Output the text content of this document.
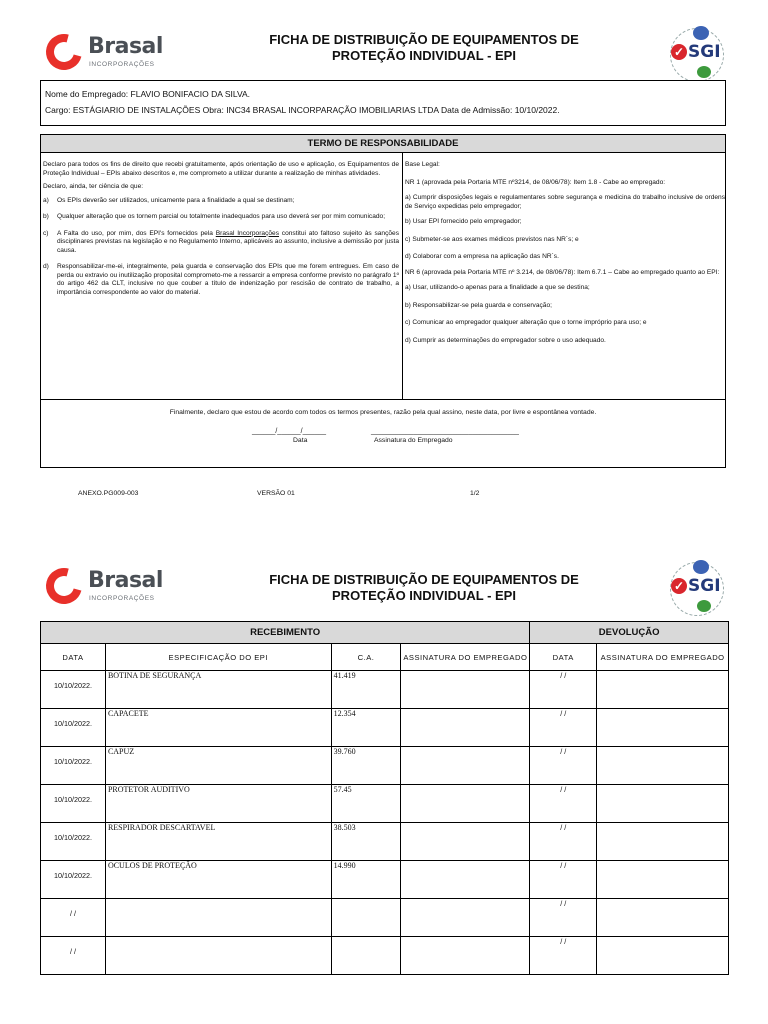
Brasal
INCORPORAÇÕES
FICHA DE DISTRIBUIÇÃO DE EQUIPAMENTOS DE
PROTEÇÃO INDIVIDUAL - EPI	✓ SGI
Nome do Empregado: FLAVIO BONIFACIO DA SILVA.
Cargo: ESTÁGIARIO DE INSTALAÇÕES Obra: INC34 BRASAL INCORPARAÇÃO IMOBILIARIAS LTDA Data de Admissão: 10/10/2022.
TERMO DE RESPONSABILIDADE

Declaro para todos os fins de direito que recebi gratuitamente, após orientação de uso e aplicação, os Equipamentos de Proteção Individual – EPIs abaixo descritos e, me comprometo a utilizar durante a realização de minhas atividades.

Declaro, ainda, ter ciência de que:

a)	Os EPIs deverão ser utilizados, unicamente para a finalidade a qual se destinam;
b)	Qualquer alteração que os tornem parcial ou totalmente inadequados para uso deverá ser por mim comunicado;
c)	A Falta do uso, por mim, dos EPI's fornecidos pela Brasal Incorporações constitui ato faltoso sujeito às sanções disciplinares previstas na legislação e no Regulamento Interno, aplicáveis ao assunto, inclusive a demissão por justa causa.
d)	Responsabilizar-me-ei, integralmente, pela guarda e conservação dos EPIs que me forem entregues. Em caso de perda ou extravio ou inutilização proposital comprometo-me a ressarcir a empresa conforme previsto no parágrafo 1º do artigo 462 da CLT, inclusive no que couber a título de indenização por rescisão de contrato de trabalho, a importância correspondente ao valor do material.

Base Legal:

NR 1 (aprovada pela Portaria MTE nº3214, de 08/06/78): Item 1.8 - Cabe ao empregado:

a) Cumprir disposições legais e regulamentares sobre segurança e medicina do trabalho inclusive de ordens de Serviço expedidas pelo empregador;

b) Usar EPI fornecido pelo empregador;

c) Submeter-se aos exames médicos previstos nas NR´s; e

d) Colaborar com a empresa na aplicação das NR´s.

NR 6 (aprovada pela Portaria MTE nº 3.214, de 08/06/78): Item 6.7.1 – Cabe ao empregado quanto ao EPI:

a) Usar, utilizando-o apenas para a finalidade a que se destina;

b) Responsabilizar-se pela guarda e conservação;

c) Comunicar ao empregador qualquer alteração que o torne impróprio para uso; e

d) Cumprir as determinações do empregador sobre o uso adequado.

Finalmente, declaro que estou de acordo com todos os termos presentes, razão pela qual assino, neste data, por livre e espontânea vontade.
______/______/______	______________________________________
Data	Assinatura do Empregado
ANEXO.PG009-003	VERSÃO 01	1/2
Brasal
INCORPORAÇÕES
FICHA DE DISTRIBUIÇÃO DE EQUIPAMENTOS DE
PROTEÇÃO INDIVIDUAL - EPI
✓ SGI
RECEBIMENTO				DEVOLUÇÃO	
DATA	ESPECIFICAÇÃO DO EPI	C.A.	ASSINATURA DO EMPREGADO	DATA	ASSINATURA DO EMPREGADO
10/10/2022.	BOTINA DE SEGURANÇA	41.419		/ /	
10/10/2022.	CAPACETE	12.354		/ /	
10/10/2022.	CAPUZ	39.760		/ /	
10/10/2022.	PROTETOR AUDITIVO	57.45		/ /	
10/10/2022.	RESPIRADOR DESCARTAVEL	38.503		/ /	
10/10/2022.	OCULOS DE PROTEÇÃO	14.990		/ /	
/ /				/ /	
/ /				/ /	
